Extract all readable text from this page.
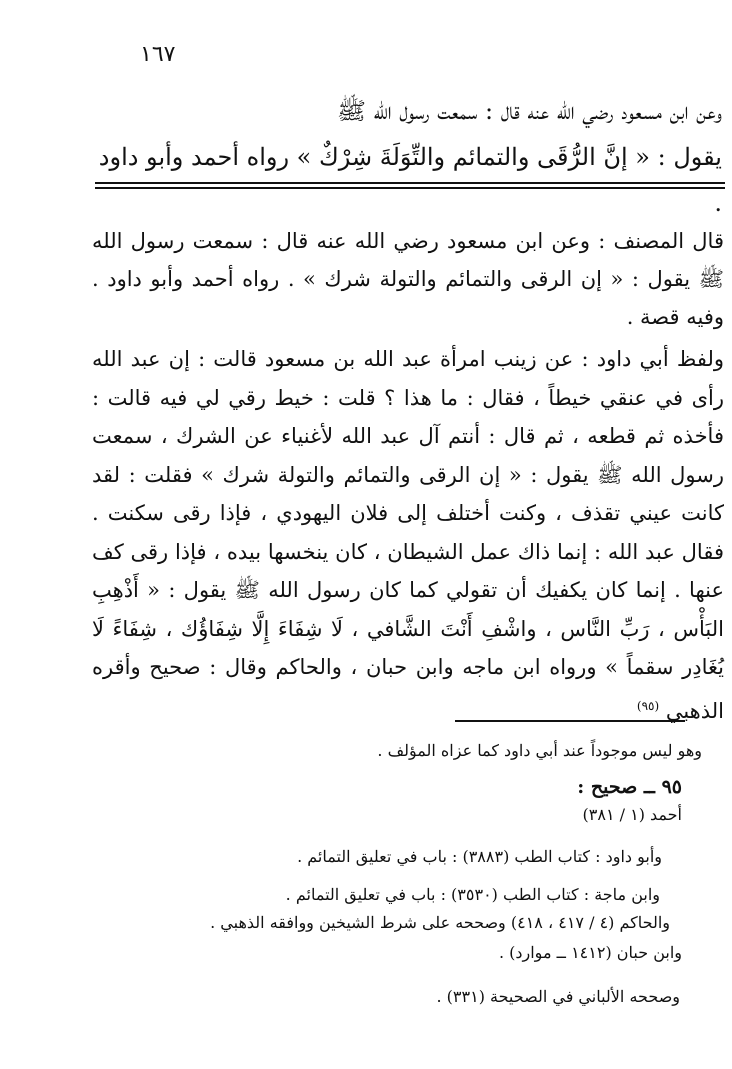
١٦٧
وعن ابن مسعود رضي الله عنه قال : سمعت رسول الله ﷺ
يقول : « إنَّ الرُّقَى والتمائم والتِّوَلَةَ شِرْكٌ » رواه أحمد وأبو داود .
قال المصنف : وعن ابن مسعود رضي الله عنه قال : سمعت رسول الله ﷺ يقول : « إن الرقى والتمائم والتولة شرك » . رواه أحمد وأبو داود . وفيه قصة .
ولفظ أبي داود : عن زينب امرأة عبد الله بن مسعود قالت : إن عبد الله رأى في عنقي خيطاً ، فقال : ما هذا ؟ قلت : خيط رقي لي فيه قالت : فأخذه ثم قطعه ، ثم قال : أنتم آل عبد الله لأغنياء عن الشرك ، سمعت رسول الله ﷺ يقول : « إن الرقى والتمائم والتولة شرك » فقلت : لقد كانت عيني تقذف ، وكنت أختلف إلى فلان اليهودي ، فإذا رقى سكنت . فقال عبد الله : إنما ذاك عمل الشيطان ، كان ينخسها بيده ، فإذا رقى كف عنها . إنما كان يكفيك أن تقولي كما كان رسول الله ﷺ يقول : « أَذْهِبِ البَأْس ، رَبِّ النَّاس ، واشْفِ أَنْتَ الشَّافي ، لَا شِفَاءَ إِلَّا شِفَاؤُك ، شِفَاءً لَا يُغَادِر سقماً » ورواه ابن ماجه وابن حبان ، والحاكم وقال : صحيح وأقره الذهبي $^{(٩٥)}$
وهو ليس موجوداً عند أبي داود كما عزاه المؤلف .
٩٥ ــ صحيح :
أحمد (١ / ٣٨١)
وأبو داود : كتاب الطب (٣٨٨٣) : باب في تعليق التمائم .
وابن ماجة : كتاب الطب (٣٥٣٠) : باب في تعليق التمائم .
والحاكم (٤ / ٤١٧ ، ٤١٨) وصححه على شرط الشيخين ووافقه الذهبي .
وابن حبان (١٤١٢ ــ موارد) .
وصححه الألباني في الصحيحة (٣٣١) .
